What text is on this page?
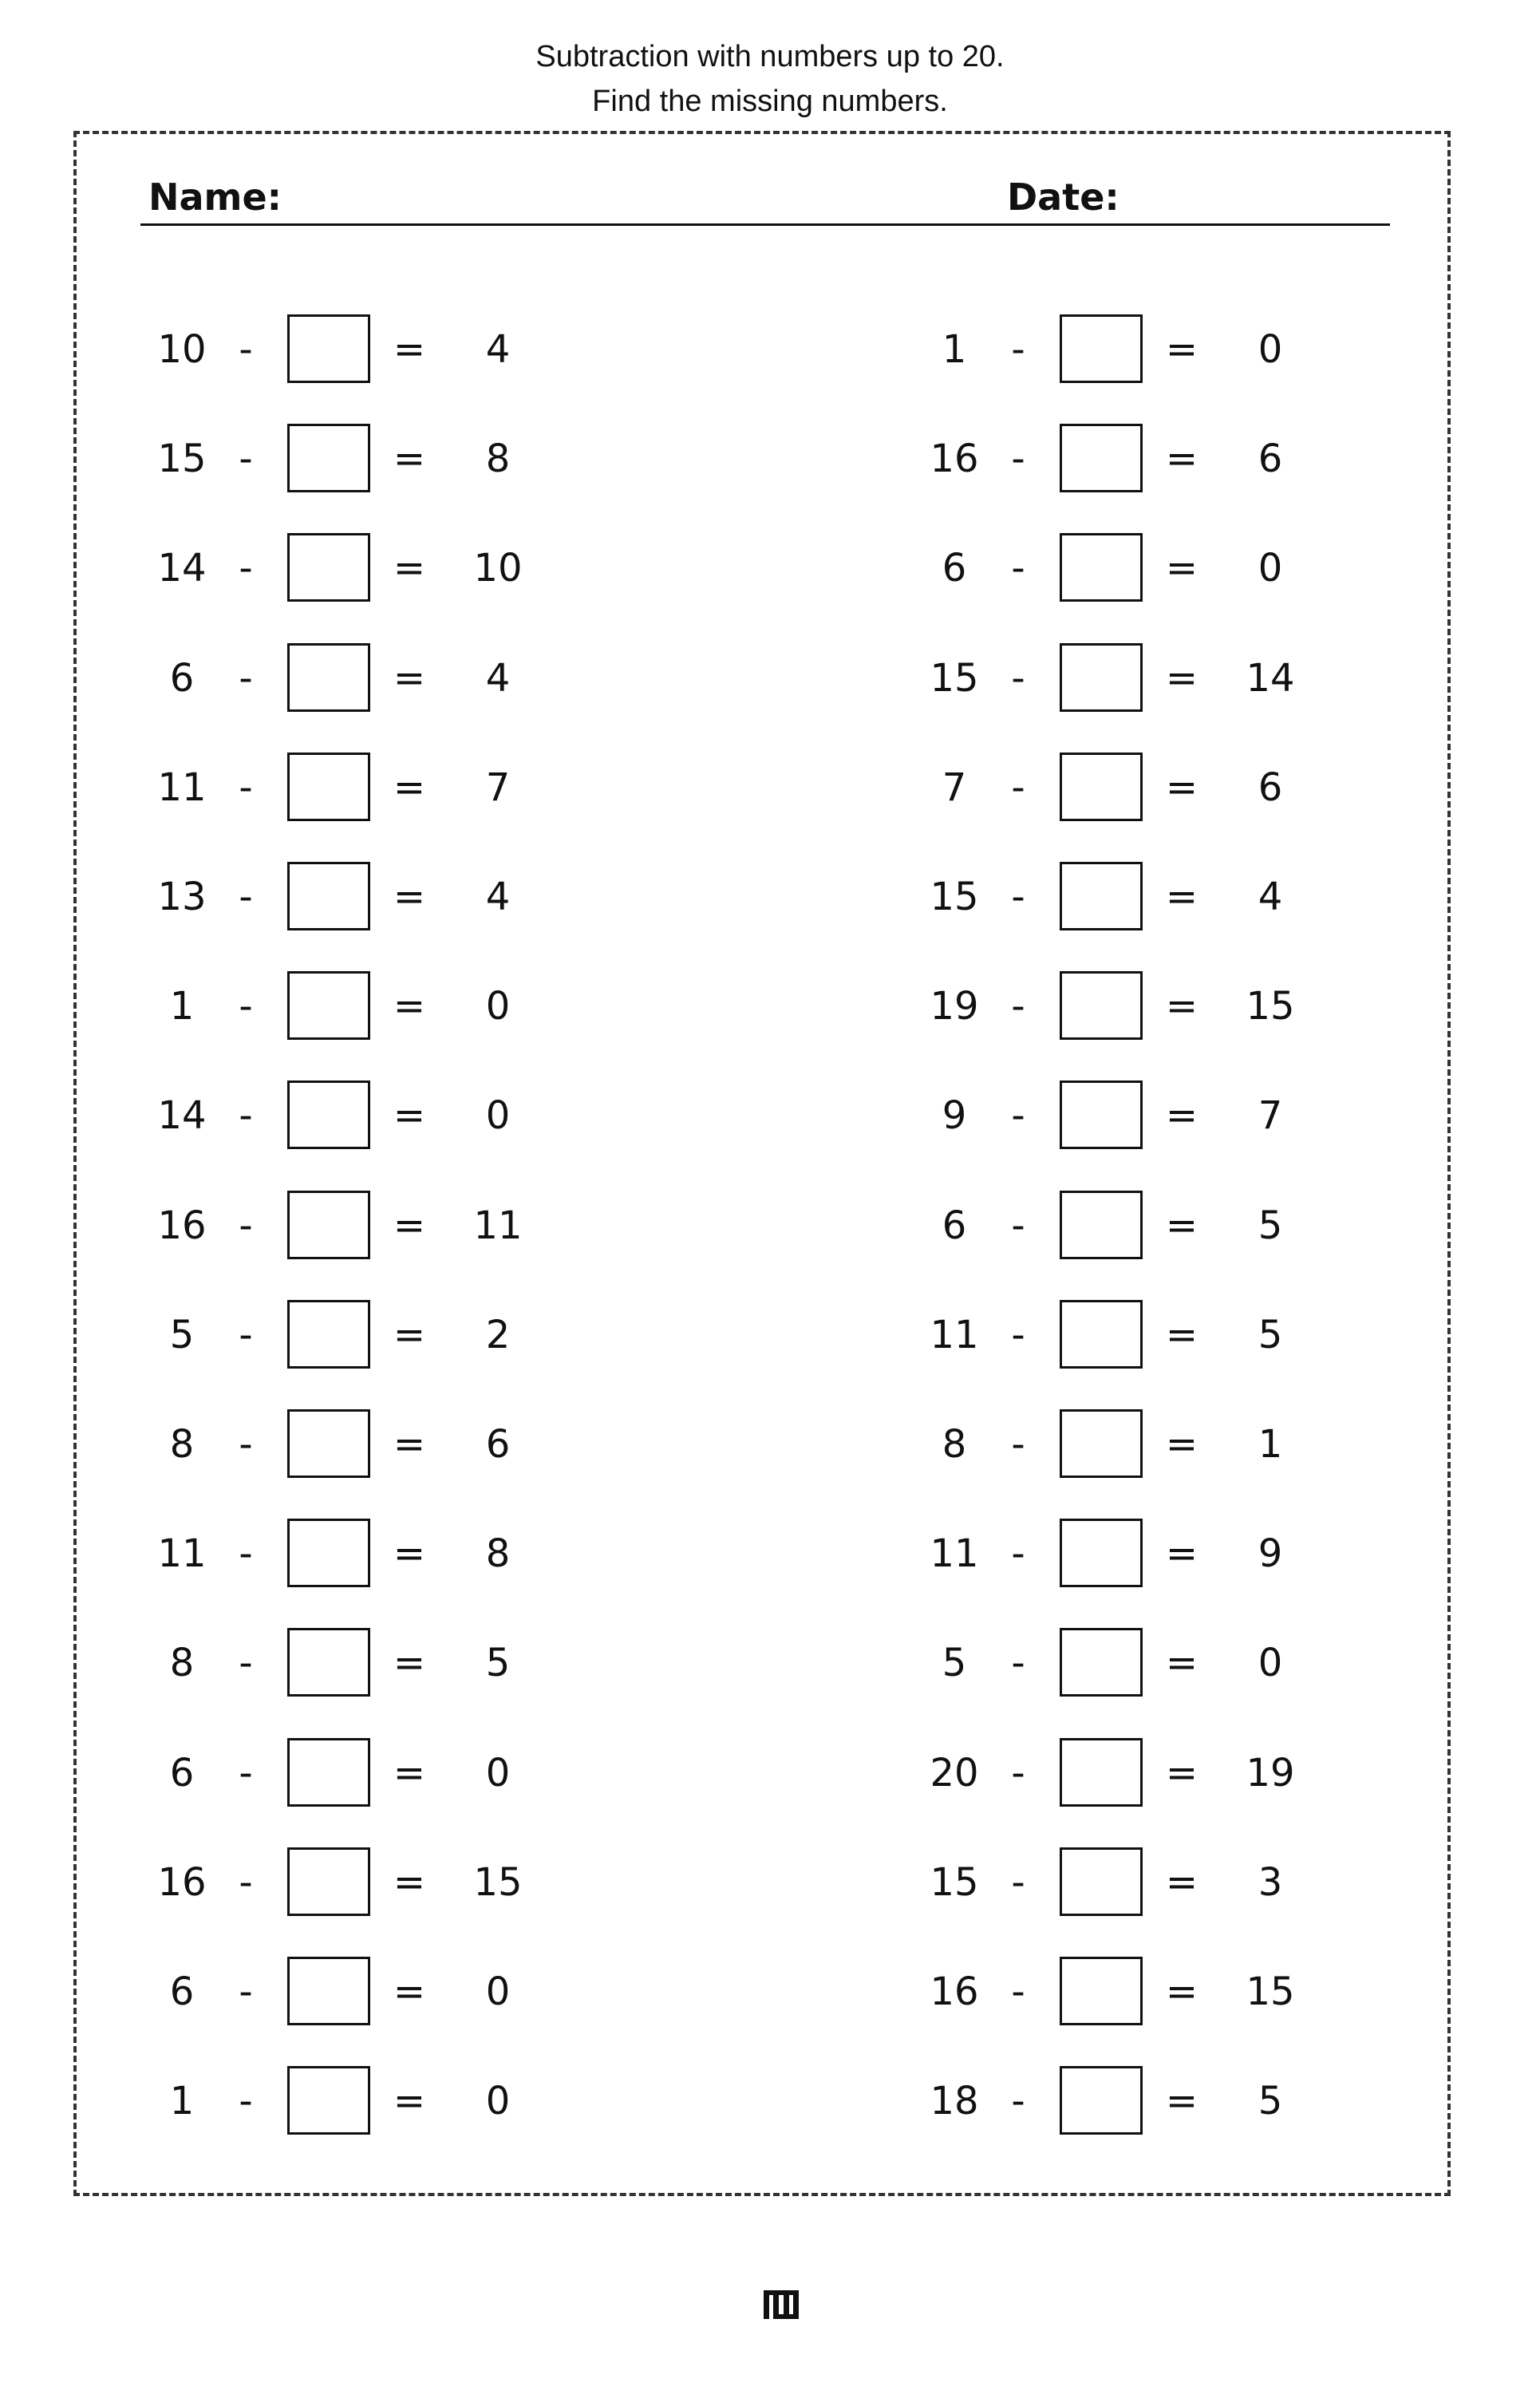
Subtraction with numbers up to 20.
Find the missing numbers.
Name:	Date:
10 -	=	4
15 -	=	8
14 -	=	10
6	-	=	4
11 -	=	7
13 -	=	4
1	-	=	0
14 -	=	0
16 -	=	11
5	-	=	2
8	-	=	6
11 -	=	8
8	-	=	5
6	-	=	0
16 -	=	15
6	-	=	0
1	-	=	0
1	-	=	0
16 -	=	6
6	-	=	0
15 -	=	14
7	-	=	6
15 -	=	4
19 -	=	15
9	-	=	7
6	-	=	5
11 -	=	5
8	-	=	1
11 -	=	9
5	-	=	0
20 -	=	19
15 -	=	3
16 -	=	15
18 -	=	5
